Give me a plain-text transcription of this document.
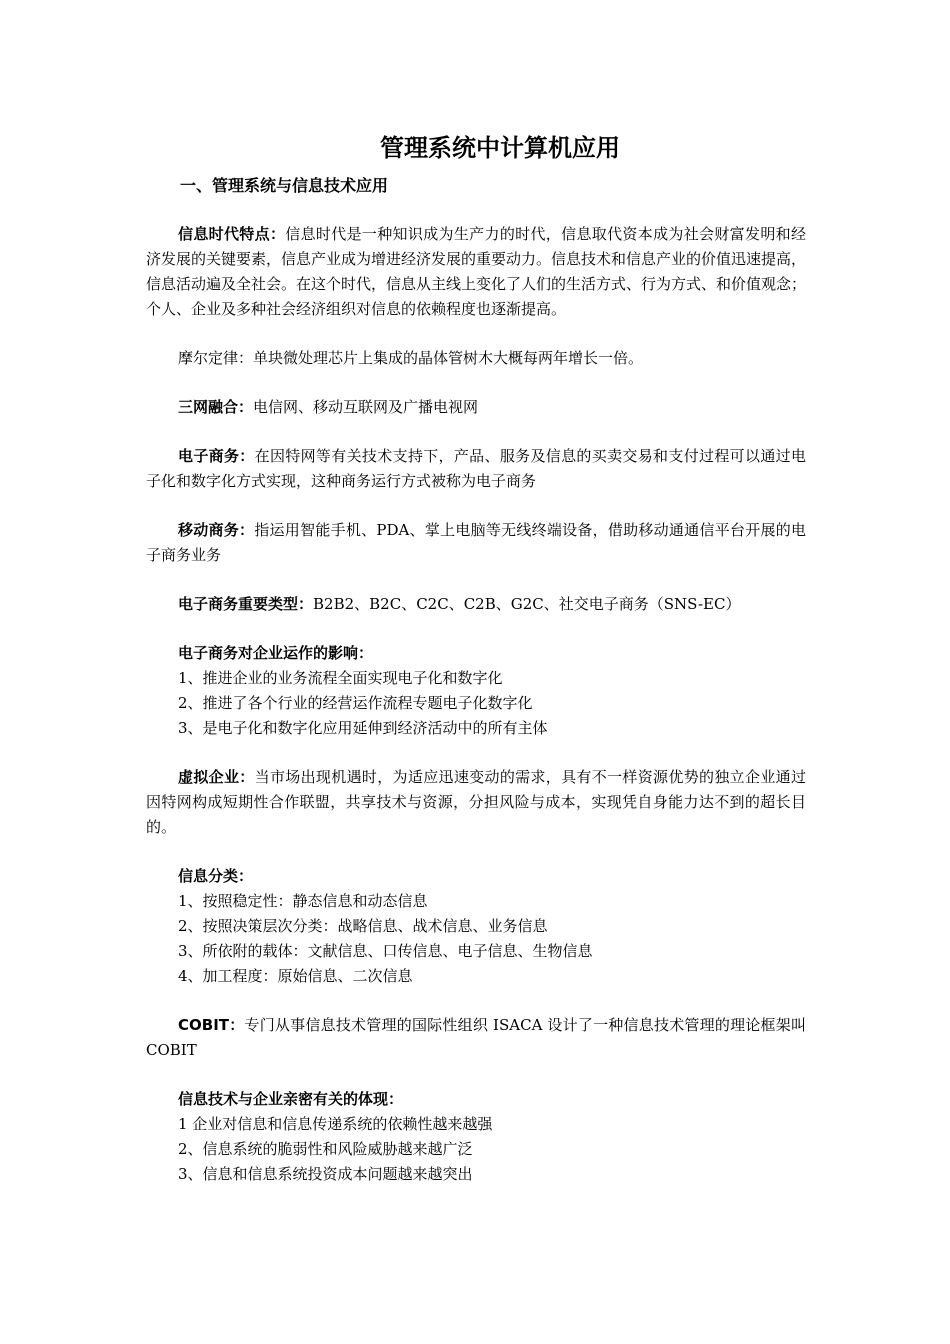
管理系统中计算机应用
一、管理系统与信息技术应用

信息时代特点：信息时代是一种知识成为生产力的时代，信息取代资本成为社会财富发明和经济发展的关键要素，信息产业成为增进经济发展的重要动力。信息技术和信息产业的价值迅速提高，信息活动遍及全社会。在这个时代，信息从主线上变化了人们的生活方式、行为方式、和价值观念；个人、企业及多种社会经济组织对信息的依赖程度也逐渐提高。

摩尔定律：单块微处理芯片上集成的晶体管树木大概每两年增长一倍。

三网融合：电信网、移动互联网及广播电视网

电子商务：在因特网等有关技术支持下，产品、服务及信息的买卖交易和支付过程可以通过电子化和数字化方式实现，这种商务运行方式被称为电子商务

移动商务：指运用智能手机、PDA、掌上电脑等无线终端设备，借助移动通通信平台开展的电子商务业务

电子商务重要类型：B2B2、B2C、C2C、C2B、G2C、社交电子商务（SNS-EC）

电子商务对企业运作的影响：
1、推进企业的业务流程全面实现电子化和数字化
2、推进了各个行业的经营运作流程专题电子化数字化
3、是电子化和数字化应用延伸到经济活动中的所有主体

虚拟企业：当市场出现机遇时，为适应迅速变动的需求，具有不一样资源优势的独立企业通过因特网构成短期性合作联盟，共享技术与资源，分担风险与成本，实现凭自身能力达不到的超长目的。

信息分类：
1、按照稳定性：静态信息和动态信息
2、按照决策层次分类：战略信息、战术信息、业务信息
3、所依附的载体：文献信息、口传信息、电子信息、生物信息
4、加工程度：原始信息、二次信息

COBIT：专门从事信息技术管理的国际性组织 ISACA 设计了一种信息技术管理的理论框架叫 COBIT

信息技术与企业亲密有关的体现：
1 企业对信息和信息传递系统的依赖性越来越强
2、信息系统的脆弱性和风险威胁越来越广泛
3、信息和信息系统投资成本问题越来越突出
